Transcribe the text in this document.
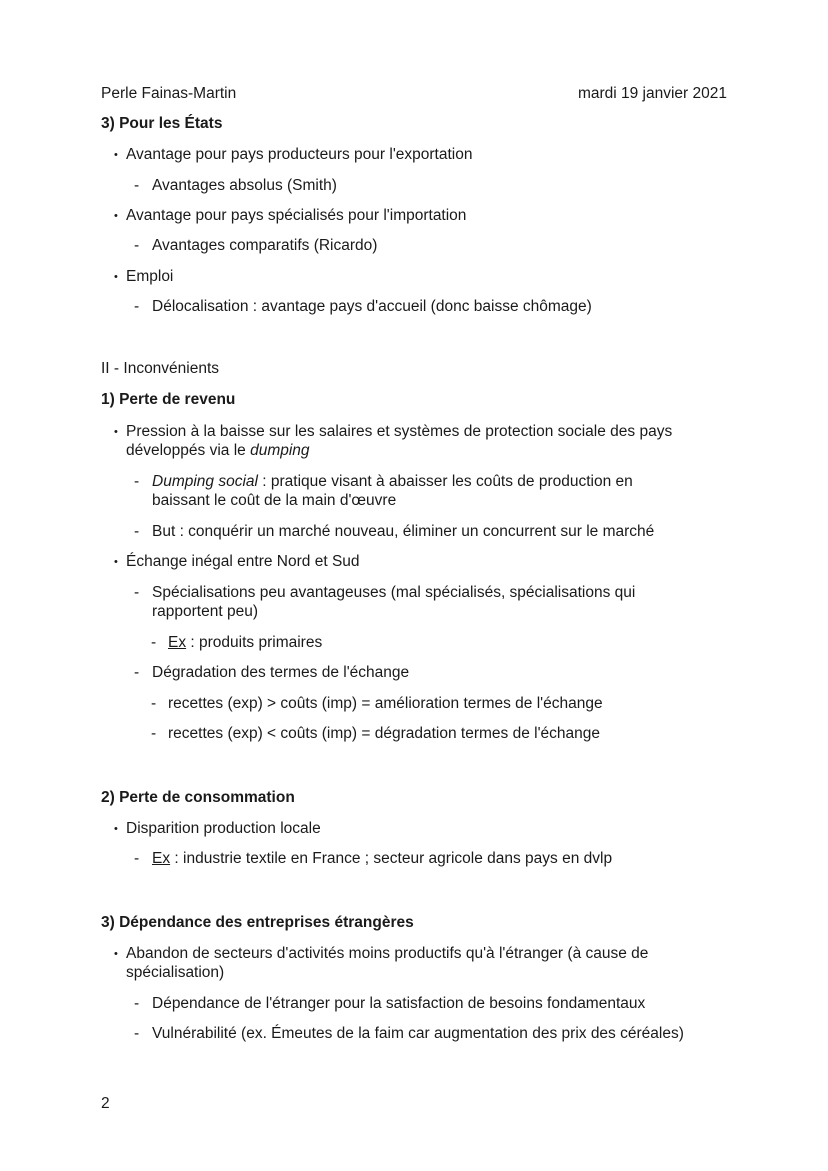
Perle Fainas-Martin	mardi 19 janvier 2021
3) Pour les États
• Avantage pour pays producteurs pour l'exportation
- Avantages absolus (Smith)
• Avantage pour pays spécialisés pour l'importation
- Avantages comparatifs (Ricardo)
• Emploi
- Délocalisation : avantage pays d'accueil (donc baisse chômage)
II - Inconvénients
1) Perte de revenu
• Pression à la baisse sur les salaires et systèmes de protection sociale des pays
développés via le dumping
- Dumping social : pratique visant à abaisser les coûts de production en
baissant le coût de la main d'œuvre
- But : conquérir un marché nouveau, éliminer un concurrent sur le marché
• Échange inégal entre Nord et Sud
- Spécialisations peu avantageuses (mal spécialisés, spécialisations qui
rapportent peu)
- Ex : produits primaires
- Dégradation des termes de l'échange
- recettes (exp) > coûts (imp) = amélioration termes de l'échange
- recettes (exp) < coûts (imp) = dégradation termes de l'échange
2) Perte de consommation
• Disparition production locale
- Ex : industrie textile en France ; secteur agricole dans pays en dvlp
3) Dépendance des entreprises étrangères
• Abandon de secteurs d'activités moins productifs qu'à l'étranger (à cause de
spécialisation)
- Dépendance de l'étranger pour la satisfaction de besoins fondamentaux
- Vulnérabilité (ex. Émeutes de la faim car augmentation des prix des céréales)
2
